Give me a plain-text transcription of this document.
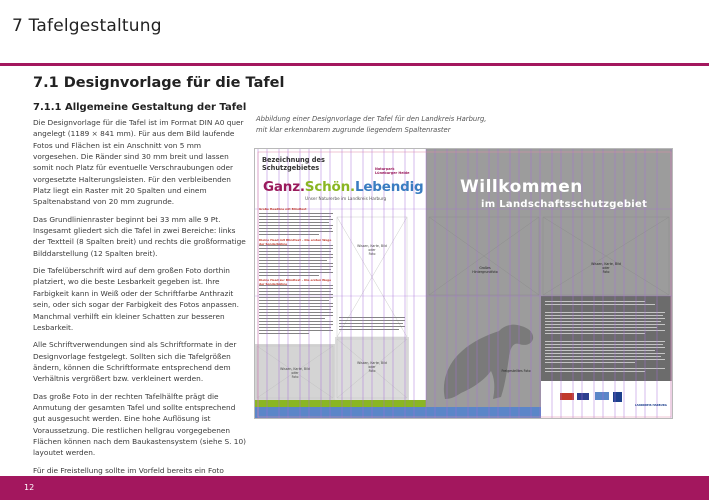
7 Tafelgestaltung
7.1 Designvorlage für die Tafel
7.1.1 Allgemeine Gestaltung der Tafel

Die Designvorlage für die Tafel ist im Format DIN A0 quer angelegt (1189 × 841 mm). Für aus dem Bild laufende Fotos und Flächen ist ein Anschnitt von 5 mm vorgesehen. Die Ränder sind 30 mm breit und lassen somit noch Platz für eventuelle Verschraubungen oder vorgesetzte Halterungsleisten. Für den verbleibenden Platz liegt ein Raster mit 20 Spalten und einem Spaltenabstand von 20 mm zugrunde.

Das Grundlinienraster beginnt bei 33 mm alle 9 Pt. Insgesamt gliedert sich die Tafel in zwei Bereiche: links der Textteil (8 Spalten breit) und rechts die großformatige Bilddarstellung (12 Spalten breit).

Die Tafelüberschrift wird auf dem großen Foto dorthin platziert, wo die beste Lesbarkeit gegeben ist. Ihre Farbigkeit kann in Weiß oder der Schriftfarbe Anthrazit sein, oder sich sogar der Farbigkeit des Fotos anpassen. Manchmal verhilft ein kleiner Schatten zur besseren Lesbarkeit.

Alle Schriftverwendungen sind als Schriftformate in der Designvorlage festgelegt. Sollten sich die Tafelgrößen ändern, können die Schriftformate entsprechend dem Verhältnis vergrößert bzw. verkleinert werden.

Das große Foto in der rechten Tafelhälfte prägt die Anmutung der gesamten Tafel und sollte entsprechend gut ausgesucht werden. Eine hohe Auflösung ist Voraussetzung. Die restlichen hellgrau vorgegebenen Flächen können nach dem Baukastensystem (siehe S. 10) layoutet werden.

Für die Freistellung sollte im Vorfeld bereits ein Foto

Abbildung einer Designvorlage der Tafel für den Landkreis Harburg,
mit klar erkennbarem zugrunde liegendem Spaltenraster
Bezeichnung des
Schutzgebietes	Naturpark
Lüneburger Heide
Ganz.Schön.Lebendig
Unser Naturerbe im Landkreis Harburg
Willkommen
im Landschaftsschutzgebiet
Große Headline mit Blindtext
Kleine Head mit Blindtext – Die ersten Wege der Sonderbühne
Kleine Head zur Blindtext – Die ersten Wege der Sonderbühne
Wissen, Karte, Bild
oder
Foto
Wissen, Karte, Bild
oder
Foto
Wissen, Karte, Bild
oder
Foto
Großes
Hintergrundfoto
Wissen, Karte, Bild
oder
Foto
Freigestelltes Foto
LANDKREIS HARBURG
12
